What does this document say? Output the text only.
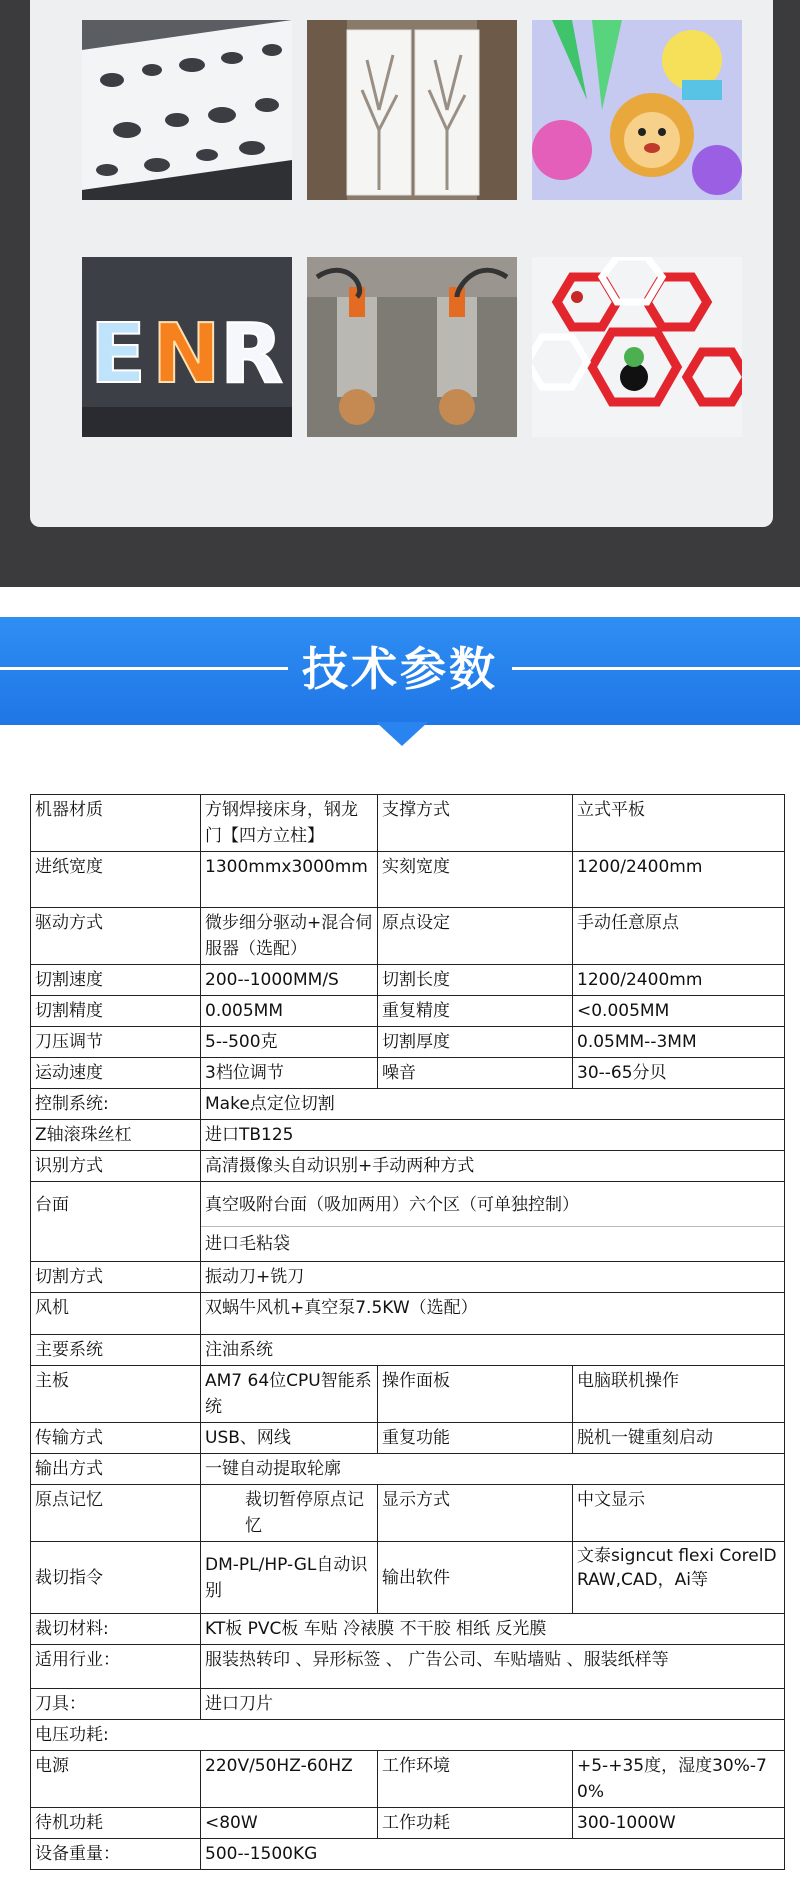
E N R
技术参数
机器材质	方钢焊接床身，钢龙门【四方立柱】	支撑方式	立式平板
进纸宽度	1300mmx3000mm	实刻宽度	1200/2400mm
驱动方式	微步细分驱动+混合伺服器（选配）	原点设定	手动任意原点
切割速度	200--1000MM/S	切割长度	1200/2400mm
切割精度	0.005MM	重复精度	<0.005MM
刀压调节	5--500克	切割厚度	0.05MM--3MM
运动速度	3档位调节	噪音	30--65分贝
控制系统:	Make点定位切割		
Z轴滚珠丝杠	进口TB125		
识别方式	高清摄像头自动识别+手动两种方式		
台面	真空吸附台面（吸加两用）六个区（可单独控制）
进口毛粘袋		

切割方式	振动刀+铣刀		
风机	双蜗牛风机+真空泵7.5KW（选配）		
主要系统	注油系统		
主板	AM7 64位CPU智能系统	操作面板	电脑联机操作
传输方式	USB、网线	重复功能	脱机一键重刻启动
输出方式	一键自动提取轮廓		
原点记忆	裁切暂停原点记忆	显示方式	中文显示
裁切指令	DM-PL/HP-GL自动识别	输出软件	文泰signcut flexi CorelDRAW,CAD，Ai等
裁切材料:	KT板 PVC板 车贴 冷裱膜 不干胶 相纸 反光膜		
适用行业：	服装热转印 、异形标签 、 广告公司、车贴墙贴 、服装纸样等		
刀具：	进口刀片		
电压功耗:			
电源	220V/50HZ-60HZ	工作环境	+5-+35度，湿度30%-70%
待机功耗	<80W	工作功耗	300-1000W
设备重量：	500--1500KG		
